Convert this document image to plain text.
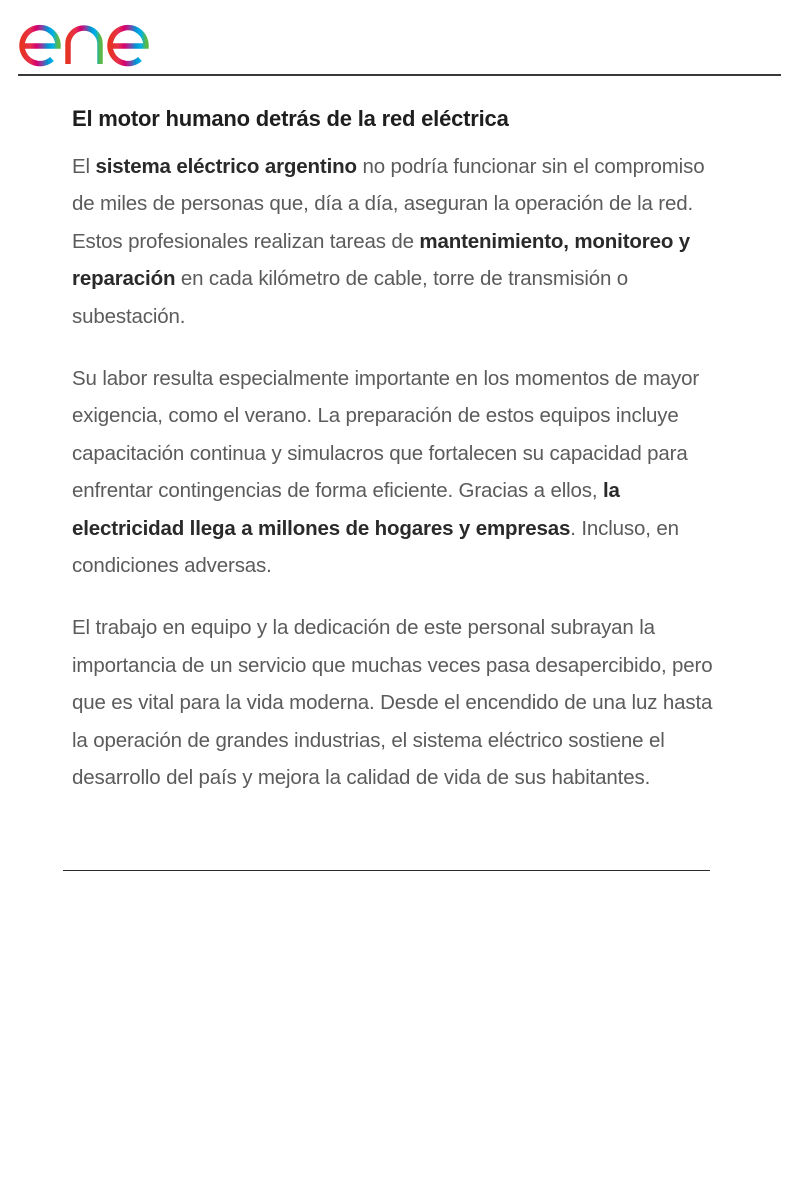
El motor humano detrás de la red eléctrica

El sistema eléctrico argentino no podría funcionar sin el compromiso de miles de personas que, día a día, aseguran la operación de la red. Estos profesionales realizan tareas de mantenimiento, monitoreo y reparación en cada kilómetro de cable, torre de transmisión o subestación.

Su labor resulta especialmente importante en los momentos de mayor exigencia, como el verano. La preparación de estos equipos incluye capacitación continua y simulacros que fortalecen su capacidad para enfrentar contingencias de forma eficiente. Gracias a ellos, la electricidad llega a millones de hogares y empresas. Incluso, en condiciones adversas.

El trabajo en equipo y la dedicación de este personal subrayan la importancia de un servicio que muchas veces pasa desapercibido, pero que es vital para la vida moderna. Desde el encendido de una luz hasta la operación de grandes industrias, el sistema eléctrico sostiene el desarrollo del país y mejora la calidad de vida de sus habitantes.
